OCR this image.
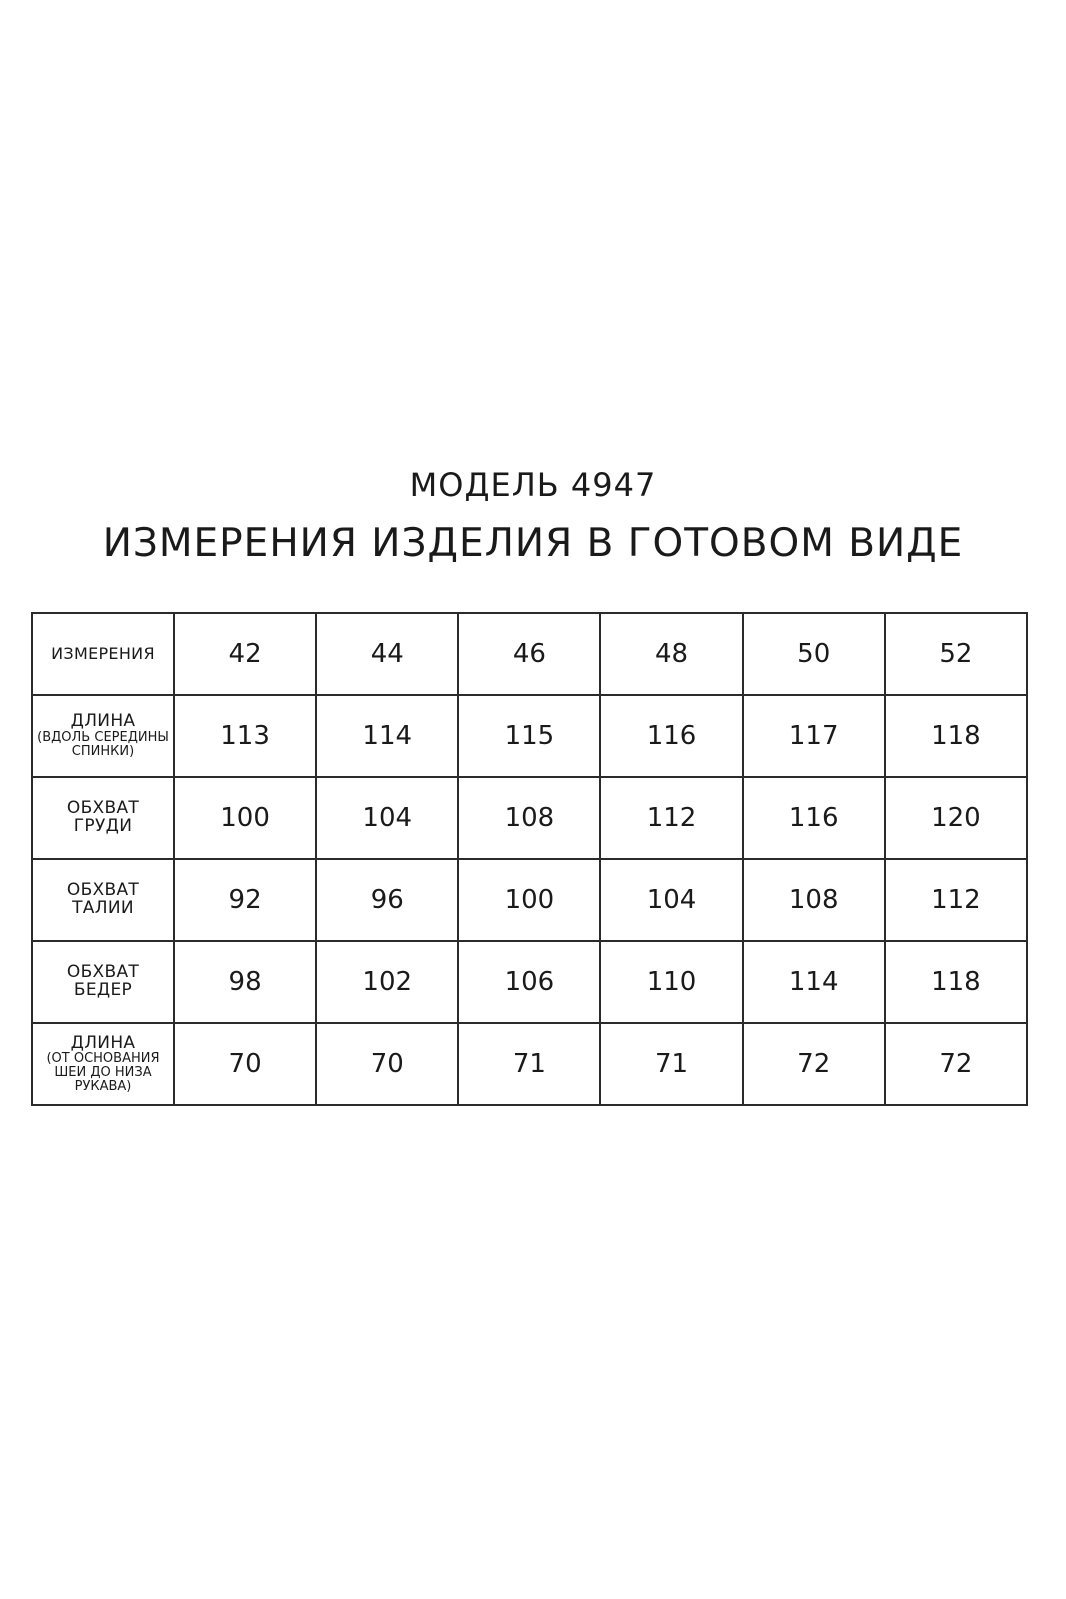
МОДЕЛЬ 4947
ИЗМЕРЕНИЯ ИЗДЕЛИЯ В ГОТОВОМ ВИДЕ
ИЗМЕРЕНИЯ	42	44	46	48	50	52

ДЛИНА
(ВДОЛЬ СЕРЕДИНЫ
СПИНКИ)	113	114	115	116	117	118

ОБХВАТ
ГРУДИ	100	104	108	112	116	120

ОБХВАТ
ТАЛИИ	92	96	100	104	108	112

ОБХВАТ
БЕДЕР	98	102	106	110	114	118

ДЛИНА
(ОТ ОСНОВАНИЯ
ШЕИ ДО НИЗА
РУКАВА)	70	70	71	71	72	72
